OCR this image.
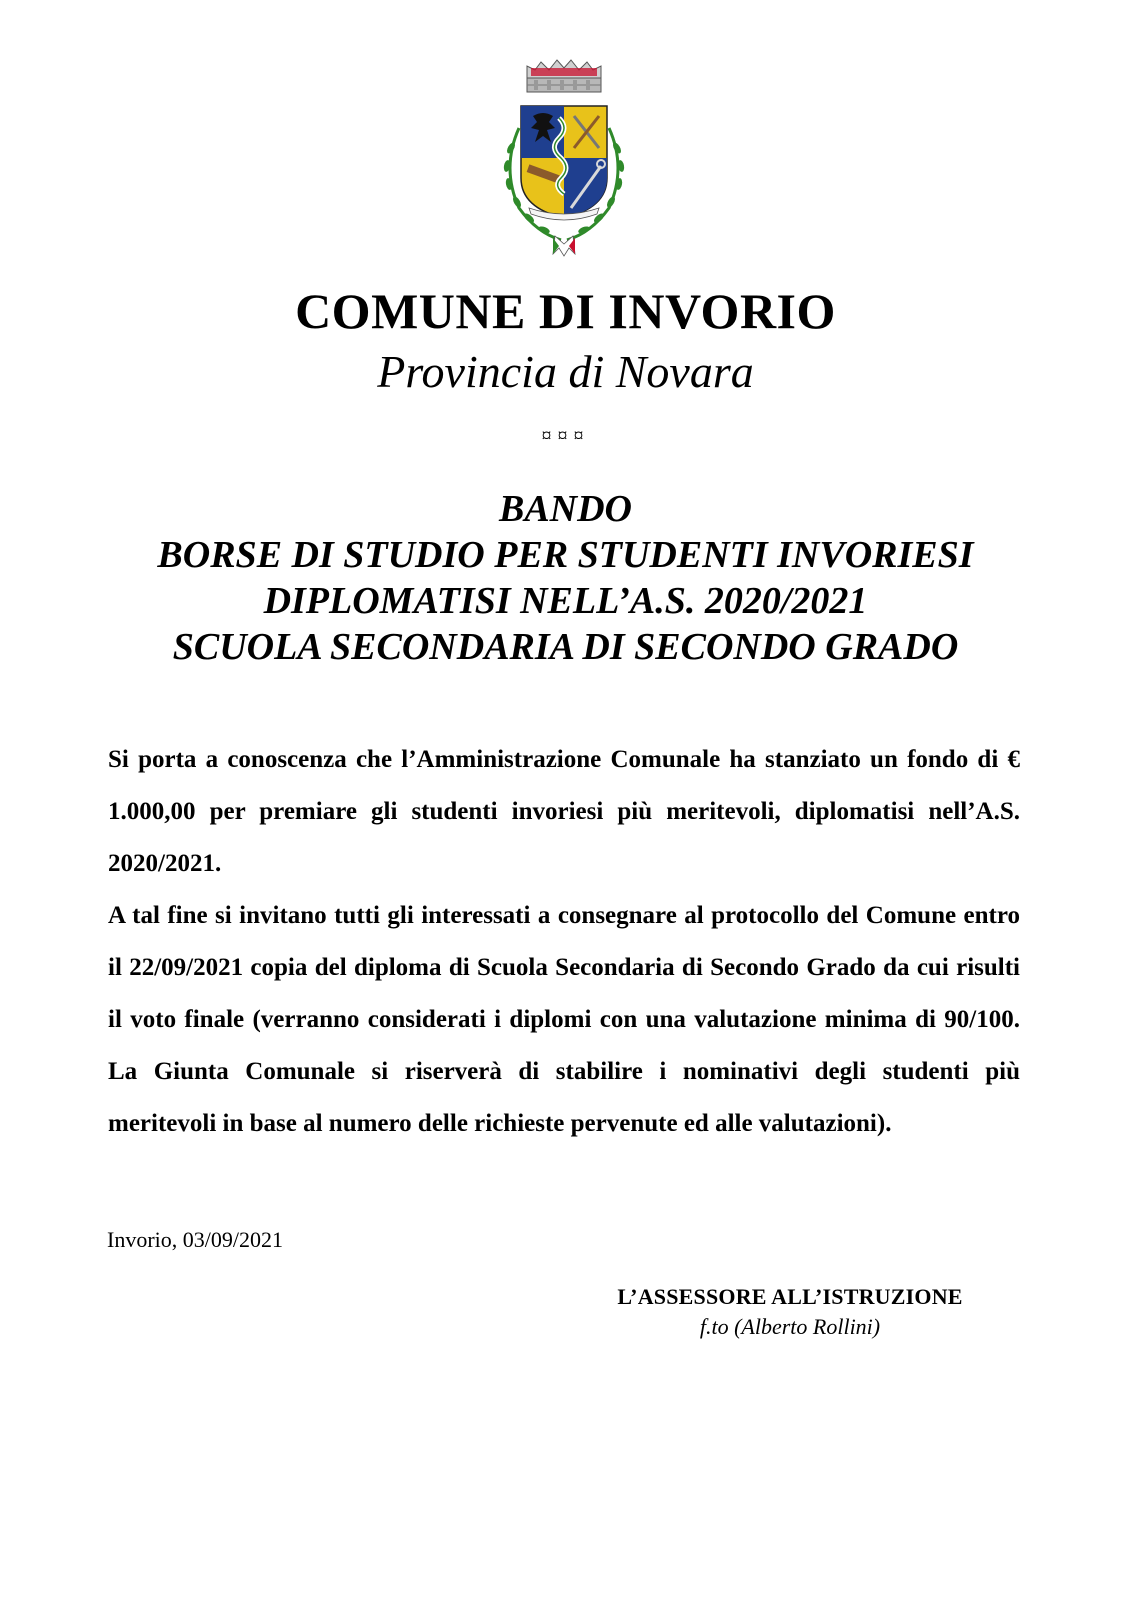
COMUNE DI INVORIO
Provincia di Novara
¤¤¤
BANDO
BORSE DI STUDIO PER STUDENTI INVORIESI
DIPLOMATISI NELL’A.S. 2020/2021
SCUOLA SECONDARIA DI SECONDO GRADO

Si porta a conoscenza che l’Amministrazione Comunale ha stanziato un fondo di € 1.000,00 per premiare gli studenti invoriesi più meritevoli, diplomatisi nell’A.S. 2020/2021.

A tal fine si invitano tutti gli interessati a consegnare al protocollo del Comune entro il 22/09/2021 copia del diploma di Scuola Secondaria di Secondo Grado da cui risulti il voto finale (verranno considerati i diplomi con una valutazione minima di 90/100. La Giunta Comunale si riserverà di stabilire i nominativi degli studenti più meritevoli in base al numero delle richieste pervenute ed alle valutazioni).

Invorio, 03/09/2021
L’ASSESSORE ALL’ISTRUZIONE
f.to (Alberto Rollini)
